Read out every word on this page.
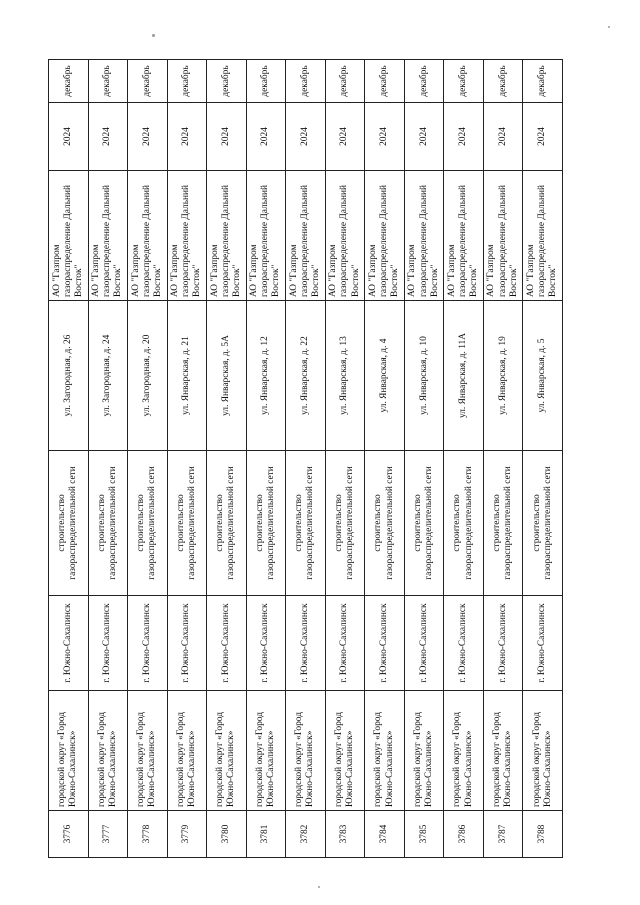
3776	городской округ «Город Южно-Сахалинск»	г. Южно-Сахалинск	строительство газораспределительной сети	ул. Загородная, д. 26	АО "Газпром газораспределение Дальний Восток"	2024	декабрь
3777	городской округ «Город Южно-Сахалинск»	г. Южно-Сахалинск	строительство газораспределительной сети	ул. Загородная, д. 24	АО "Газпром газораспределение Дальний Восток"	2024	декабрь
3778	городской округ «Город Южно-Сахалинск»	г. Южно-Сахалинск	строительство газораспределительной сети	ул. Загородная, д. 20	АО "Газпром газораспределение Дальний Восток"	2024	декабрь
3779	городской округ «Город Южно-Сахалинск»	г. Южно-Сахалинск	строительство газораспределительной сети	ул. Январская, д. 21	АО "Газпром газораспределение Дальний Восток"	2024	декабрь
3780	городской округ «Город Южно-Сахалинск»	г. Южно-Сахалинск	строительство газораспределительной сети	ул. Январская, д. 5А	АО "Газпром газораспределение Дальний Восток"	2024	декабрь
3781	городской округ «Город Южно-Сахалинск»	г. Южно-Сахалинск	строительство газораспределительной сети	ул. Январская, д. 12	АО "Газпром газораспределение Дальний Восток"	2024	декабрь
3782	городской округ «Город Южно-Сахалинск»	г. Южно-Сахалинск	строительство газораспределительной сети	ул. Январская, д. 22	АО "Газпром газораспределение Дальний Восток"	2024	декабрь
3783	городской округ «Город Южно-Сахалинск»	г. Южно-Сахалинск	строительство газораспределительной сети	ул. Январская, д. 13	АО "Газпром газораспределение Дальний Восток"	2024	декабрь
3784	городской округ «Город Южно-Сахалинск»	г. Южно-Сахалинск	строительство газораспределительной сети	ул. Январская, д. 4	АО "Газпром газораспределение Дальний Восток"	2024	декабрь
3785	городской округ «Город Южно-Сахалинск»	г. Южно-Сахалинск	строительство газораспределительной сети	ул. Январская, д. 10	АО "Газпром газораспределение Дальний Восток"	2024	декабрь
3786	городской округ «Город Южно-Сахалинск»	г. Южно-Сахалинск	строительство газораспределительной сети	ул. Январская, д. 11А	АО "Газпром газораспределение Дальний Восток"	2024	декабрь
3787	городской округ «Город Южно-Сахалинск»	г. Южно-Сахалинск	строительство газораспределительной сети	ул. Январская, д. 19	АО "Газпром газораспределение Дальний Восток"	2024	декабрь
3788	городской округ «Город Южно-Сахалинск»	г. Южно-Сахалинск	строительство газораспределительной сети	ул. Январская, д. 5	АО "Газпром газораспределение Дальний Восток"	2024	декабрь
